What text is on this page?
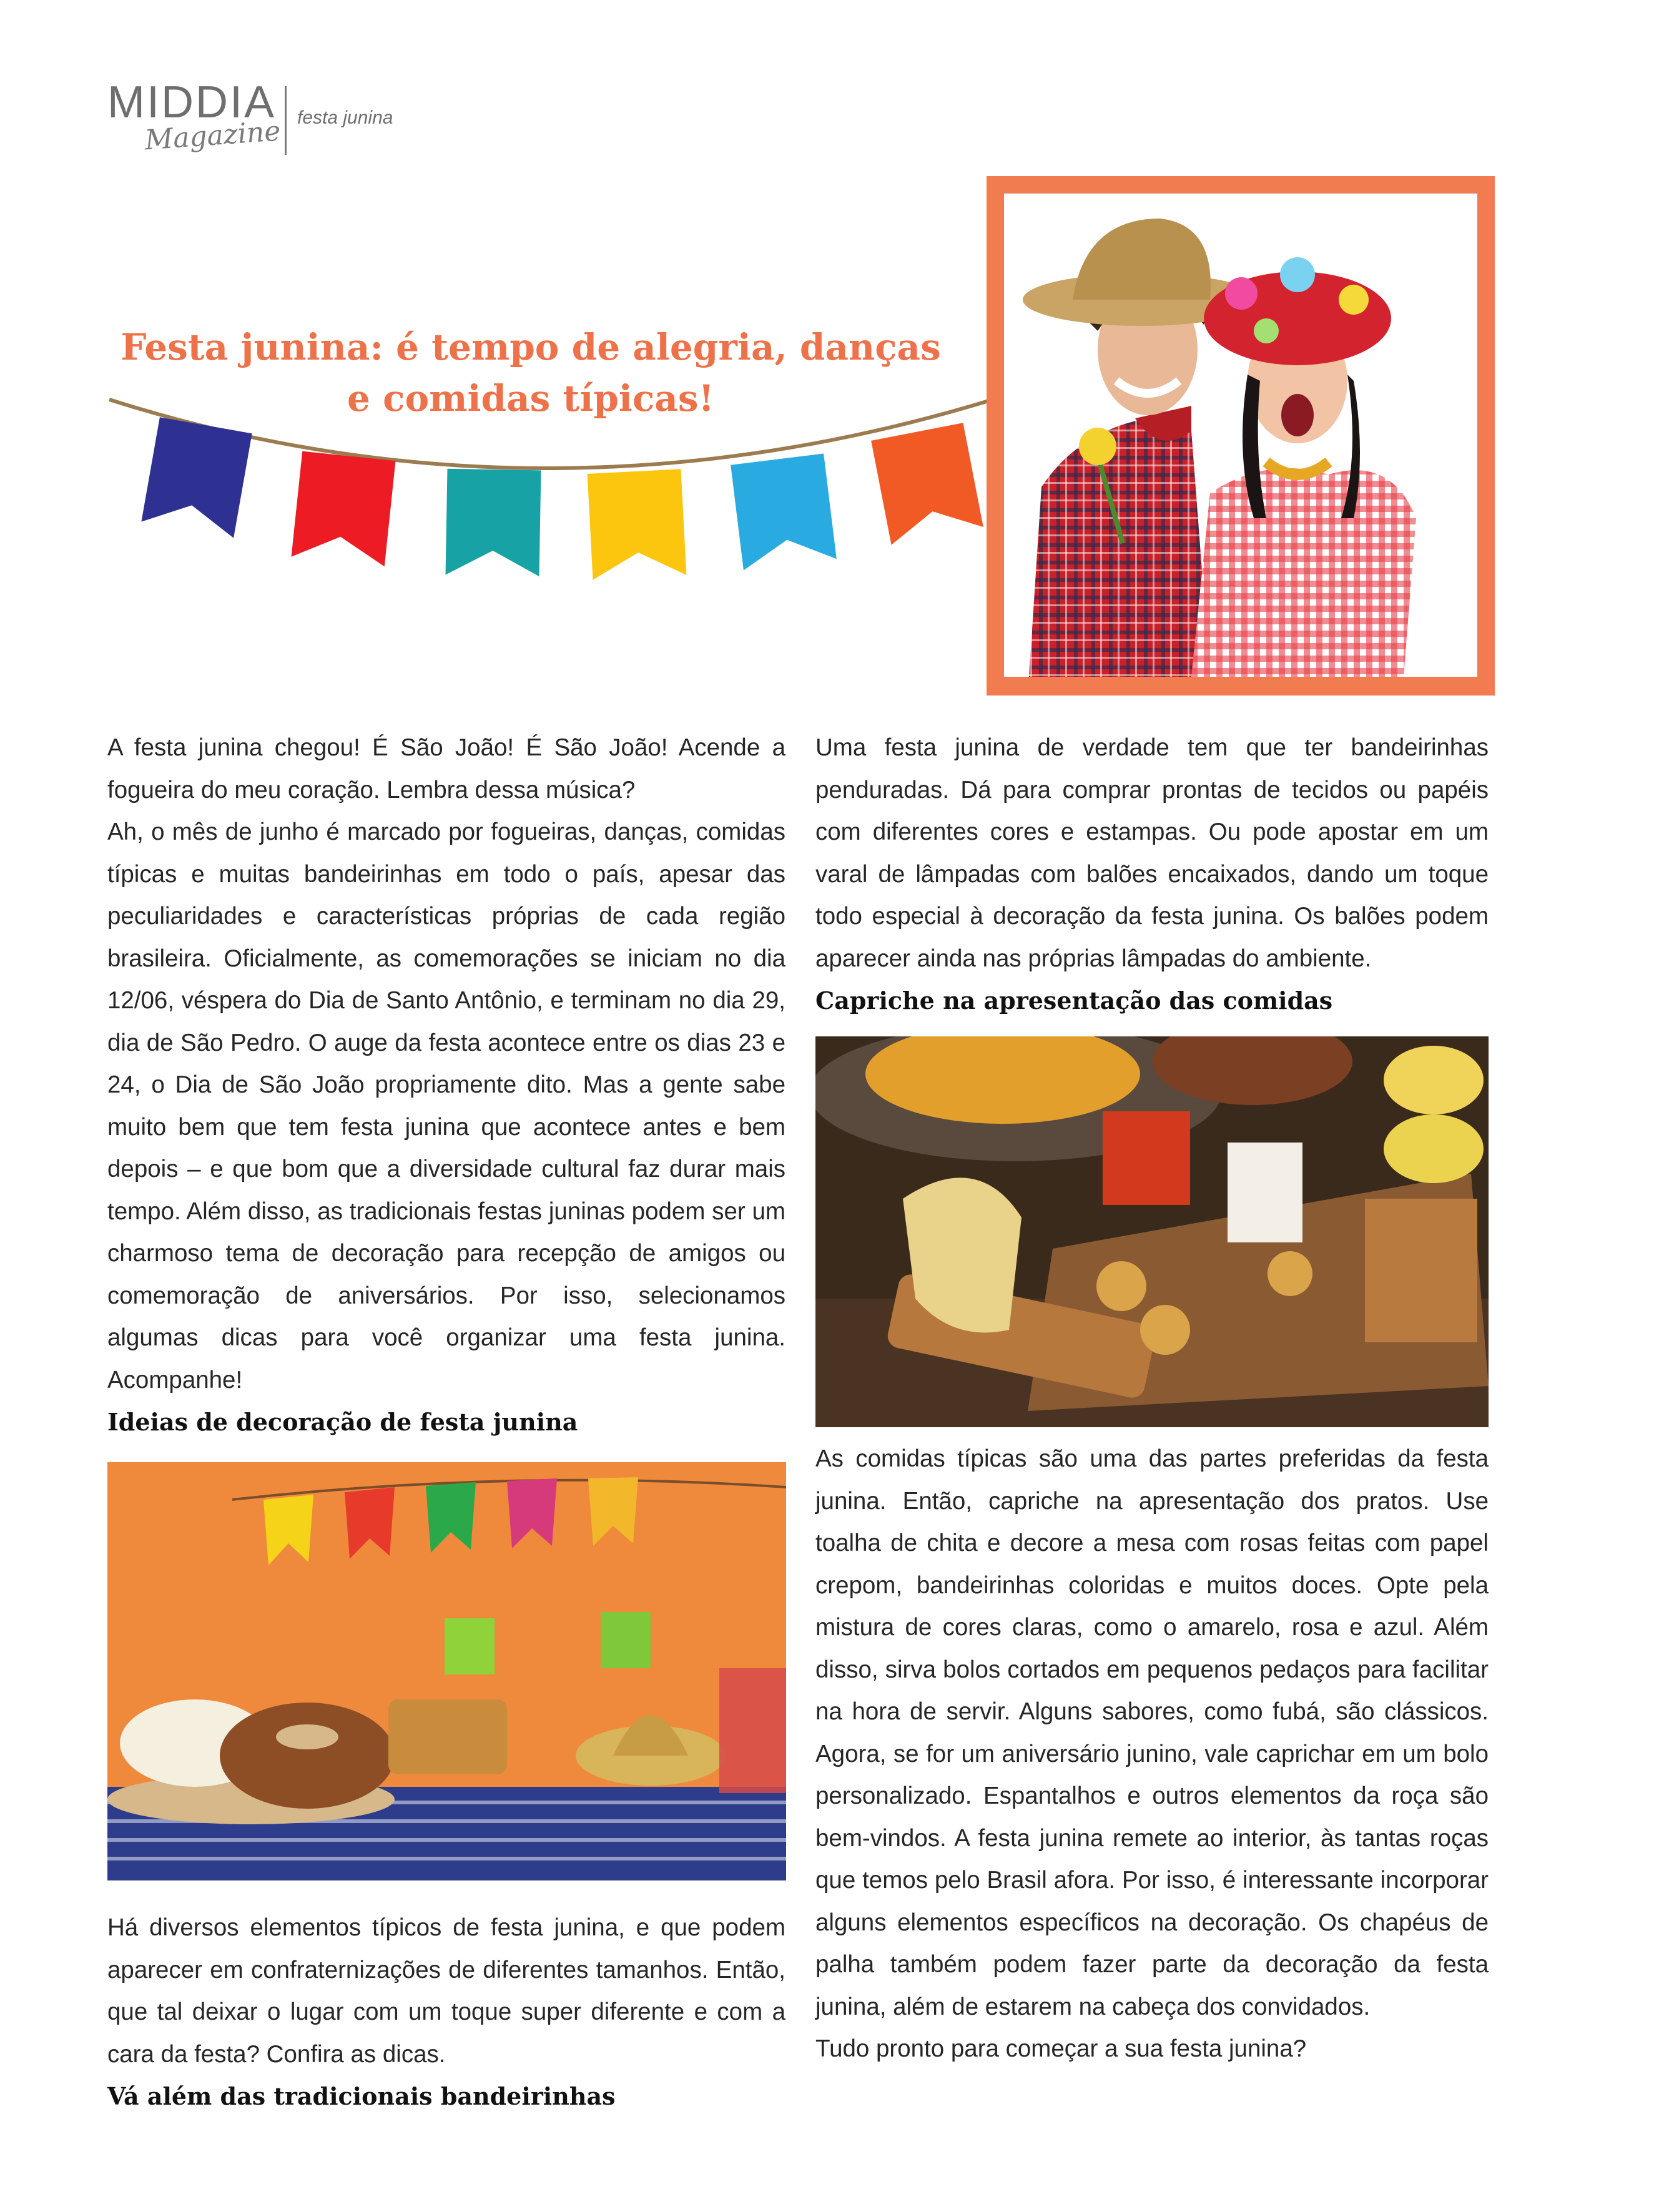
MIDDIA
Magazine festa junina
Festa junina: é tempo de alegria, danças
e comidas típicas!

A festa junina chegou! É São João! É São João! Acende a fogueira do meu coração. Lembra dessa música?

Ah, o mês de junho é marcado por fogueiras, danças, comidas típicas e muitas bandeirinhas em todo o país, apesar das peculiaridades e características próprias de cada região brasileira. Oficialmente, as comemorações se iniciam no dia 12/06, véspera do Dia de Santo Antônio, e terminam no dia 29, dia de São Pedro. O auge da festa acontece entre os dias 23 e 24, o Dia de São João propriamente dito. Mas a gente sabe muito bem que tem festa junina que acontece antes e bem depois – e que bom que a diversidade cultural faz durar mais tempo. Além disso, as tradicionais festas juninas podem ser um charmoso tema de decoração para recepção de amigos ou comemoração de aniversários. Por isso, selecionamos algumas dicas para você organizar uma festa junina. Acompanhe!

Ideias de decoração de festa junina

Há diversos elementos típicos de festa junina, e que podem aparecer em confraternizações de diferentes tamanhos. Então, que tal deixar o lugar com um toque super diferente e com a cara da festa? Confira as dicas.

Vá além das tradicionais bandeirinhas

Uma festa junina de verdade tem que ter bandeirinhas penduradas. Dá para comprar prontas de tecidos ou papéis com diferentes cores e estampas. Ou pode apostar em um varal de lâmpadas com balões encaixados, dando um toque todo especial à decoração da festa junina. Os balões podem aparecer ainda nas próprias lâmpadas do ambiente.

Capriche na apresentação das comidas

As comidas típicas são uma das partes preferidas da festa junina. Então, capriche na apresentação dos pratos. Use toalha de chita e decore a mesa com rosas feitas com papel crepom, bandeirinhas coloridas e muitos doces. Opte pela mistura de cores claras, como o amarelo, rosa e azul. Além disso, sirva bolos cortados em pequenos pedaços para facilitar na hora de servir. Alguns sabores, como fubá, são clássicos. Agora, se for um aniversário junino, vale caprichar em um bolo personalizado. Espantalhos e outros elementos da roça são bem-vindos. A festa junina remete ao interior, às tantas roças que temos pelo Brasil afora. Por isso, é interessante incorporar alguns elementos específicos na decoração. Os chapéus de palha também podem fazer parte da decoração da festa junina, além de estarem na cabeça dos convidados.

Tudo pronto para começar a sua festa junina?
